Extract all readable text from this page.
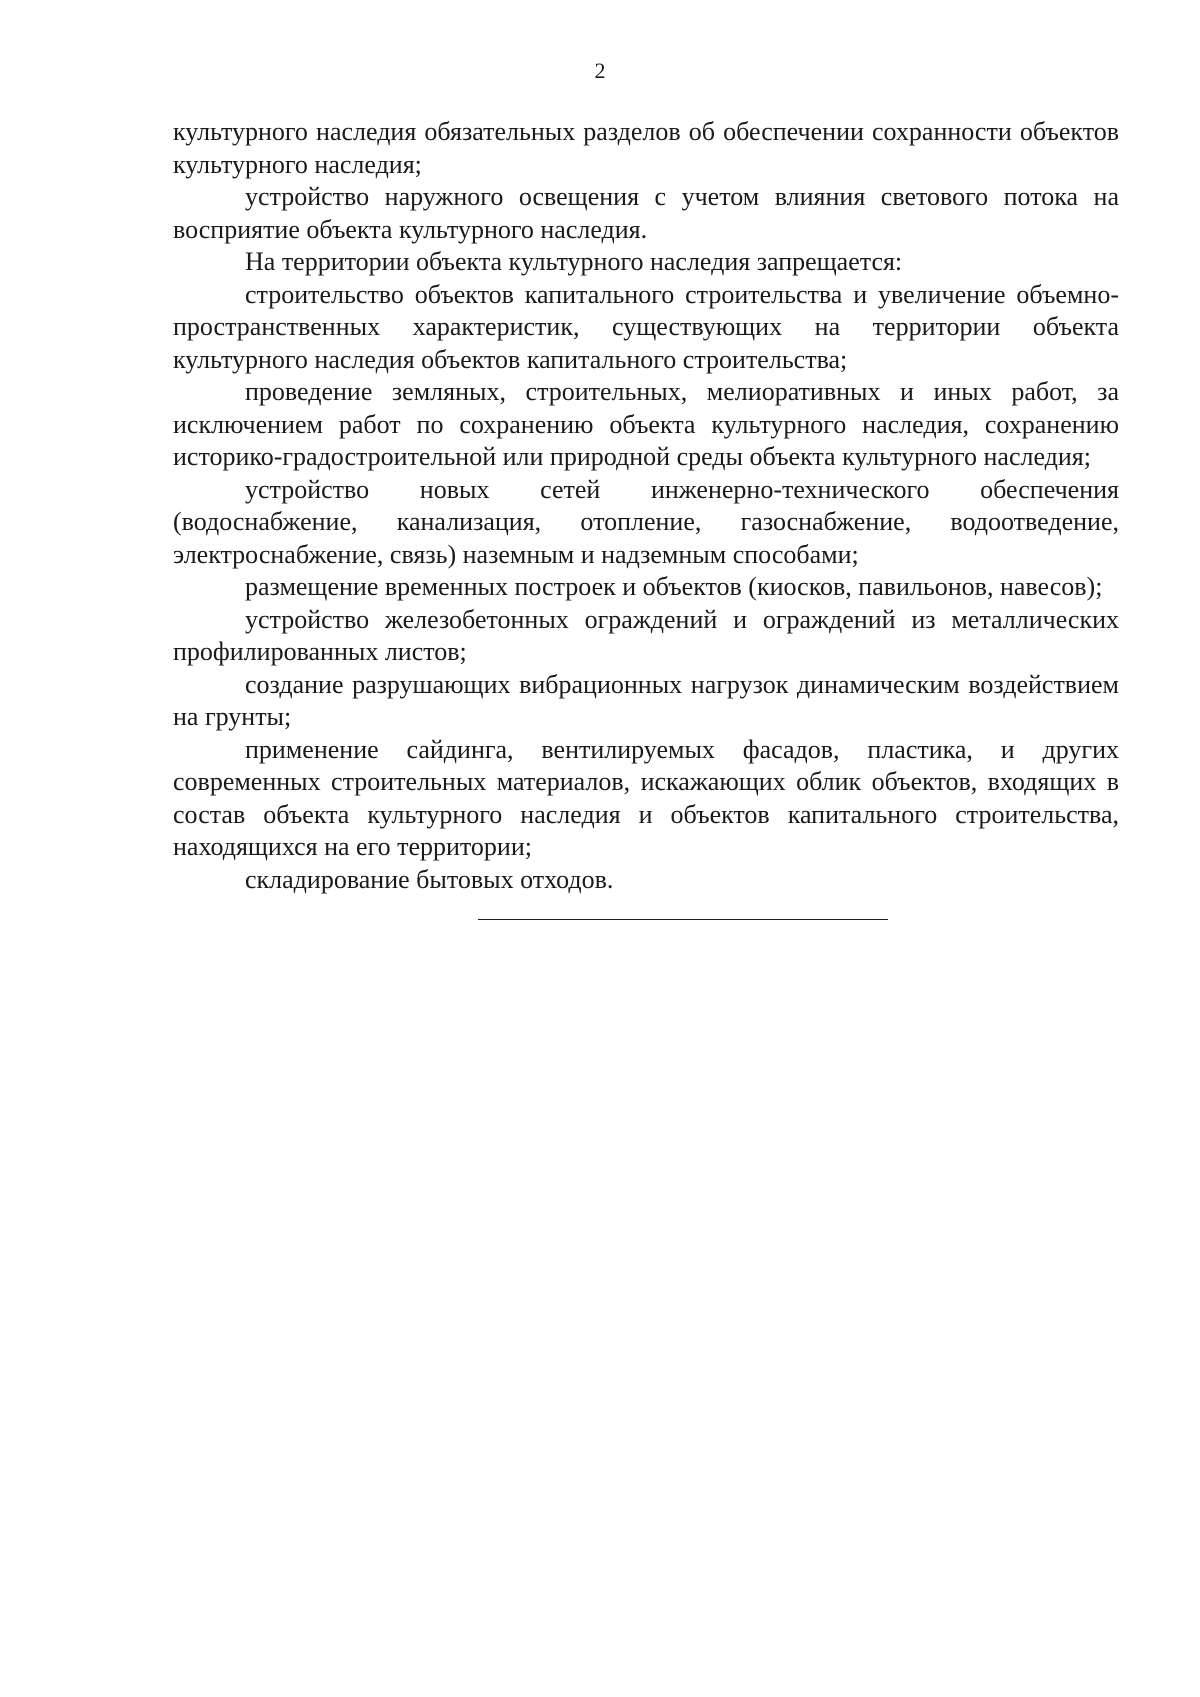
2

культурного наследия обязательных разделов об обеспечении сохранности объектов культурного наследия;

устройство наружного освещения с учетом влияния светового потока на восприятие объекта культурного наследия.

На территории объекта культурного наследия запрещается:

строительство объектов капитального строительства и увеличение объемно-пространственных характеристик, существующих на территории объекта культурного наследия объектов капитального строительства;

проведение земляных, строительных, мелиоративных и иных работ, за исключением работ по сохранению объекта культурного наследия, сохранению историко-градостроительной или природной среды объекта культурного наследия;

устройство новых сетей инженерно-технического обеспечения (водоснабжение, канализация, отопление, газоснабжение, водоотведение, электроснабжение, связь) наземным и надземным способами;

размещение временных построек и объектов (киосков, павильонов, навесов);

устройство железобетонных ограждений и ограждений из металлических профилированных листов;

создание разрушающих вибрационных нагрузок динамическим воздействием на грунты;

применение сайдинга, вентилируемых фасадов, пластика, и других современных строительных материалов, искажающих облик объектов, входящих в состав объекта культурного наследия и объектов капитального строительства, находящихся на его территории;

складирование бытовых отходов.
